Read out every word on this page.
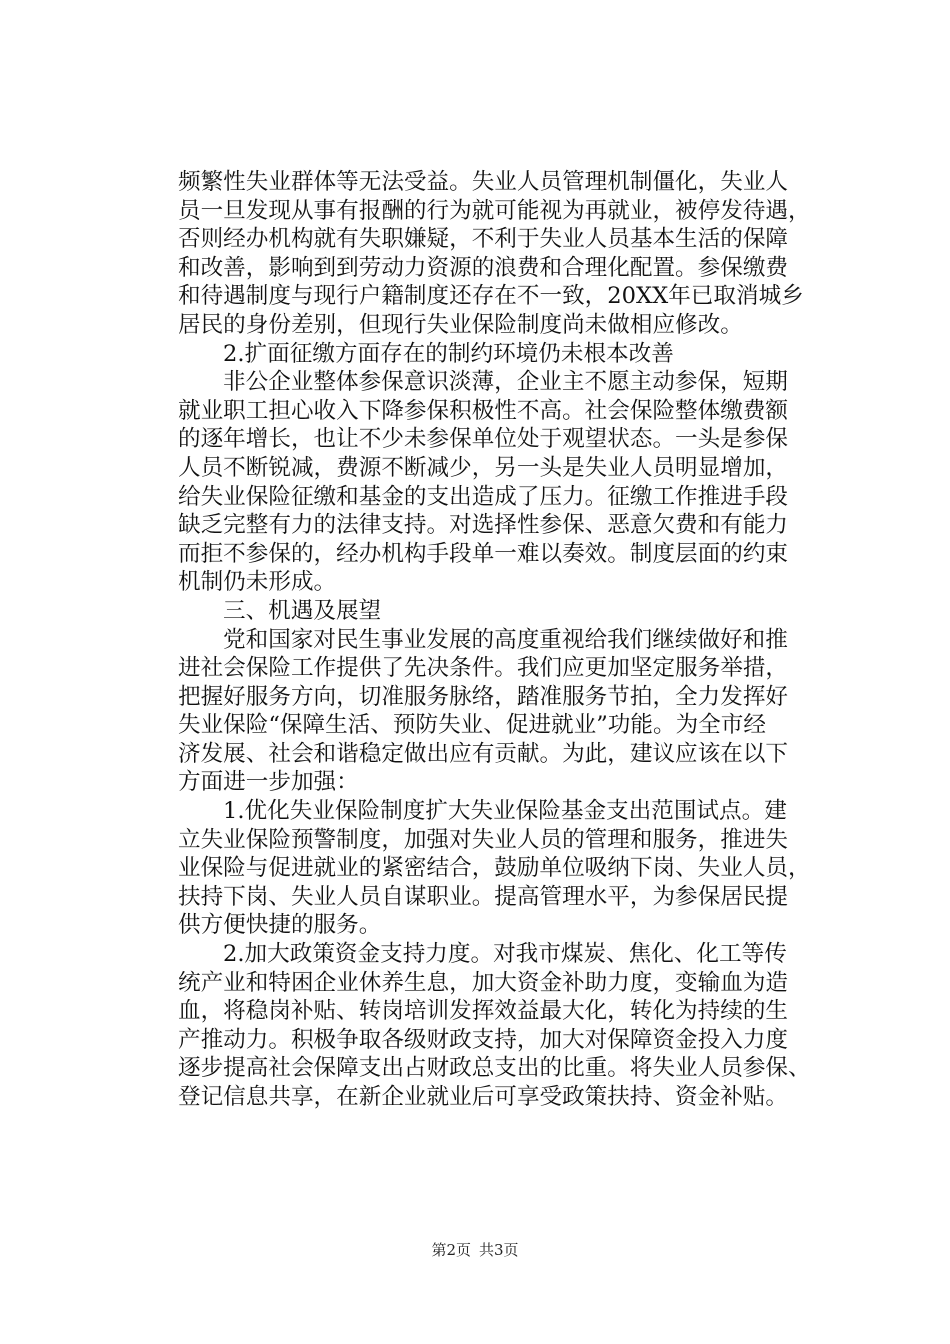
频繁性失业群体等无法受益。失业人员管理机制僵化，失业人
员一旦发现从事有报酬的行为就可能视为再就业，被停发待遇，
否则经办机构就有失职嫌疑，不利于失业人员基本生活的保障
和改善，影响到到劳动力资源的浪费和合理化配置。参保缴费
和待遇制度与现行户籍制度还存在不一致，20XX年已取消城乡
居民的身份差别，但现行失业保险制度尚未做相应修改。
2.扩面征缴方面存在的制约环境仍未根本改善
非公企业整体参保意识淡薄，企业主不愿主动参保，短期
就业职工担心收入下降参保积极性不高。社会保险整体缴费额
的逐年增长，也让不少未参保单位处于观望状态。一头是参保
人员不断锐减，费源不断减少，另一头是失业人员明显增加，
给失业保险征缴和基金的支出造成了压力。征缴工作推进手段
缺乏完整有力的法律支持。对选择性参保、恶意欠费和有能力
而拒不参保的，经办机构手段单一难以奏效。制度层面的约束
机制仍未形成。
三、机遇及展望
党和国家对民生事业发展的高度重视给我们继续做好和推
进社会保险工作提供了先决条件。我们应更加坚定服务举措，
把握好服务方向，切准服务脉络，踏准服务节拍，全力发挥好
失业保险“保障生活、预防失业、促进就业”功能。为全市经
济发展、社会和谐稳定做出应有贡献。为此，建议应该在以下
方面进一步加强：
1.优化失业保险制度扩大失业保险基金支出范围试点。建
立失业保险预警制度，加强对失业人员的管理和服务，推进失
业保险与促进就业的紧密结合，鼓励单位吸纳下岗、失业人员，
扶持下岗、失业人员自谋职业。提高管理水平，为参保居民提
供方便快捷的服务。
2.加大政策资金支持力度。对我市煤炭、焦化、化工等传
统产业和特困企业休养生息，加大资金补助力度，变输血为造
血，将稳岗补贴、转岗培训发挥效益最大化，转化为持续的生
产推动力。积极争取各级财政支持，加大对保障资金投入力度
逐步提高社会保障支出占财政总支出的比重。将失业人员参保、
登记信息共享，在新企业就业后可享受政策扶持、资金补贴。
第2页 共3页
